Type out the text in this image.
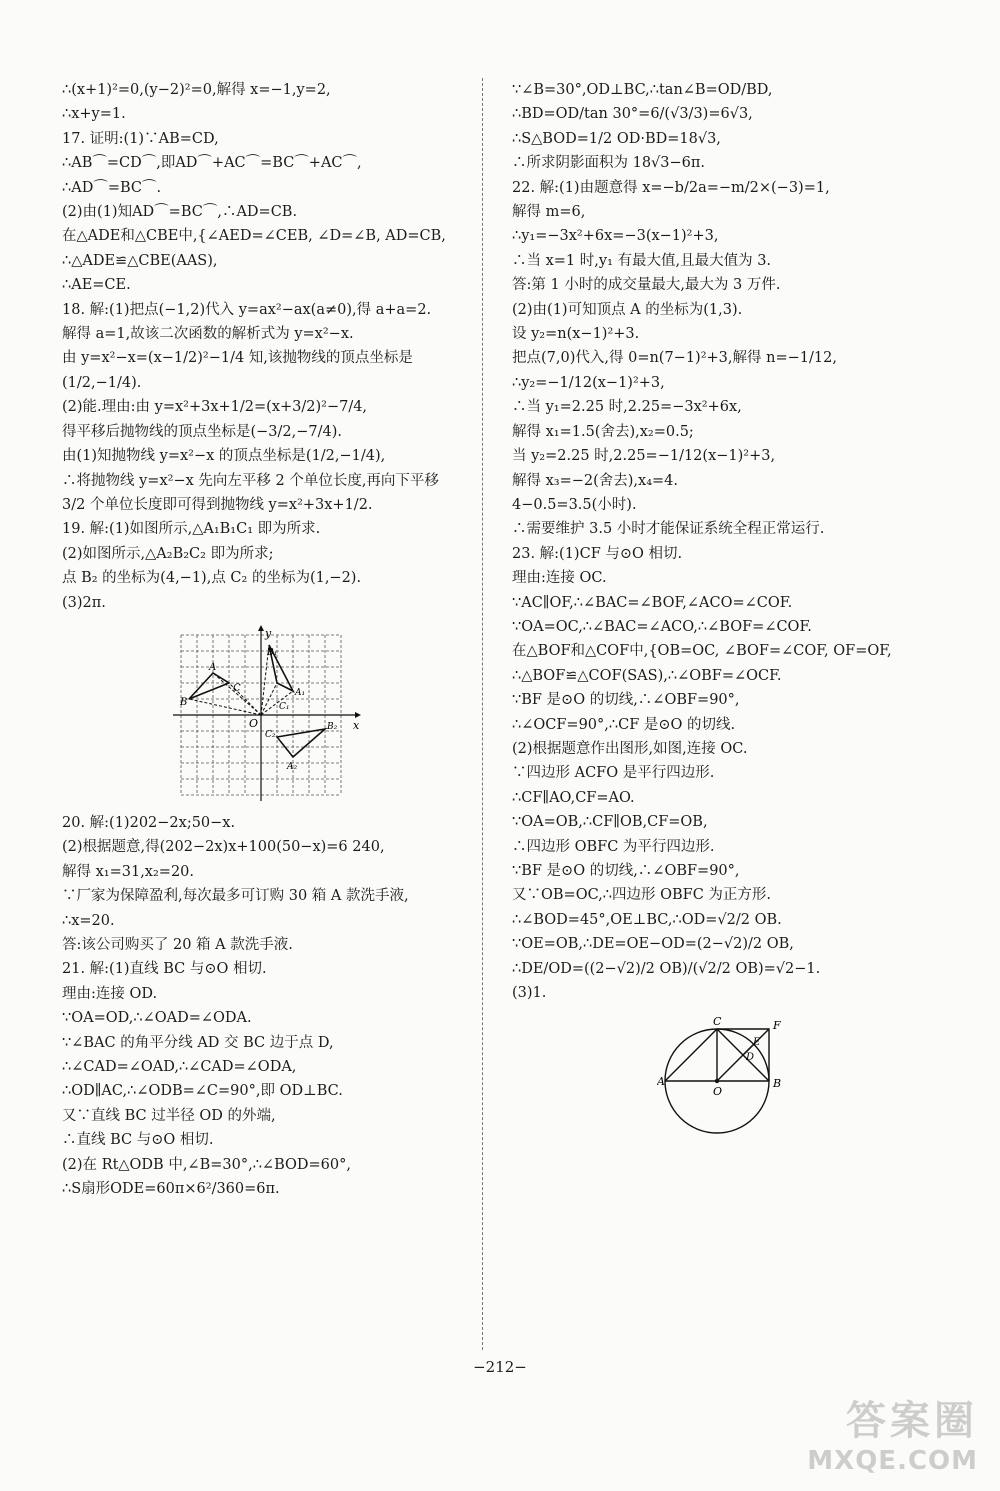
∴(x+1)²=0,(y−2)²=0,解得 x=−1,y=2,
∴x+y=1.
17. 证明:(1)∵AB=CD,
∴AB⌒=CD⌒,即AD⌒+AC⌒=BC⌒+AC⌒,
∴AD⌒=BC⌒.
(2)由(1)知AD⌒=BC⌒,∴AD=CB.
在△ADE和△CBE中,{∠AED=∠CEB, ∠D=∠B, AD=CB,
∴△ADE≌△CBE(AAS),
∴AE=CE.
18. 解:(1)把点(−1,2)代入 y=ax²−ax(a≠0),得 a+a=2.
解得 a=1,故该二次函数的解析式为 y=x²−x.
由 y=x²−x=(x−1/2)²−1/4 知,该抛物线的顶点坐标是
(1/2,−1/4).
(2)能.理由:由 y=x²+3x+1/2=(x+3/2)²−7/4,
得平移后抛物线的顶点坐标是(−3/2,−7/4).
由(1)知抛物线 y=x²−x 的顶点坐标是(1/2,−1/4),
∴将抛物线 y=x²−x 先向左平移 2 个单位长度,再向下平移
3/2 个单位长度即可得到抛物线 y=x²+3x+1/2.
19. 解:(1)如图所示,△A₁B₁C₁ 即为所求.
(2)如图所示,△A₂B₂C₂ 即为所求;
点 B₂ 的坐标为(4,−1),点 C₂ 的坐标为(1,−2).
(3)2π.
y
x
O
A
B
C	A₁
B₁
C₁
A₂
B₂
C₂
20. 解:(1)202−2x;50−x.
(2)根据题意,得(202−2x)x+100(50−x)=6 240,
解得 x₁=31,x₂=20.
∵厂家为保障盈利,每次最多可订购 30 箱 A 款洗手液,
∴x=20.
答:该公司购买了 20 箱 A 款洗手液.
21. 解:(1)直线 BC 与⊙O 相切.
理由:连接 OD.
∵OA=OD,∴∠OAD=∠ODA.
∵∠BAC 的角平分线 AD 交 BC 边于点 D,
∴∠CAD=∠OAD,∴∠CAD=∠ODA,
∴OD∥AC,∴∠ODB=∠C=90°,即 OD⊥BC.
又∵直线 BC 过半径 OD 的外端,
∴直线 BC 与⊙O 相切.
(2)在 Rt△ODB 中,∠B=30°,∴∠BOD=60°,
∴S扇形ODE=60π×6²/360=6π.
∵∠B=30°,OD⊥BC,∴tan∠B=OD/BD,
∴BD=OD/tan 30°=6/(√3/3)=6√3,
∴S△BOD=1/2 OD·BD=18√3,
∴所求阴影面积为 18√3−6π.
22. 解:(1)由题意得 x=−b/2a=−m/2×(−3)=1,
解得 m=6,
∴y₁=−3x²+6x=−3(x−1)²+3,
∴当 x=1 时,y₁ 有最大值,且最大值为 3.
答:第 1 小时的成交量最大,最大为 3 万件.
(2)由(1)可知顶点 A 的坐标为(1,3).
设 y₂=n(x−1)²+3.
把点(7,0)代入,得 0=n(7−1)²+3,解得 n=−1/12,
∴y₂=−1/12(x−1)²+3,
∴当 y₁=2.25 时,2.25=−3x²+6x,
解得 x₁=1.5(舍去),x₂=0.5;
当 y₂=2.25 时,2.25=−1/12(x−1)²+3,
解得 x₃=−2(舍去),x₄=4.
4−0.5=3.5(小时).
∴需要维护 3.5 小时才能保证系统全程正常运行.
23. 解:(1)CF 与⊙O 相切.
理由:连接 OC.
∵AC∥OF,∴∠BAC=∠BOF,∠ACO=∠COF.
∵OA=OC,∴∠BAC=∠ACO,∴∠BOF=∠COF.
在△BOF和△COF中,{OB=OC, ∠BOF=∠COF, OF=OF,
∴△BOF≌△COF(SAS),∴∠OBF=∠OCF.
∵BF 是⊙O 的切线,∴∠OBF=90°,
∴∠OCF=90°,∴CF 是⊙O 的切线.
(2)根据题意作出图形,如图,连接 OC.
∵四边形 ACFO 是平行四边形.
∴CF∥AO,CF=AO.
∵OA=OB,∴CF∥OB,CF=OB,
∴四边形 OBFC 为平行四边形.
∵BF 是⊙O 的切线,∴∠OBF=90°,
又∵OB=OC,∴四边形 OBFC 为正方形.
∴∠BOD=45°,OE⊥BC,∴OD=√2/2 OB.
∵OE=OB,∴DE=OE−OD=(2−√2)/2 OB,
∴DE/OD=((2−√2)/2 OB)/(√2/2 OB)=√2−1.
(3)1.
C	F
E
D
A
O
B
−212−
答案圈
MXQE.COM
